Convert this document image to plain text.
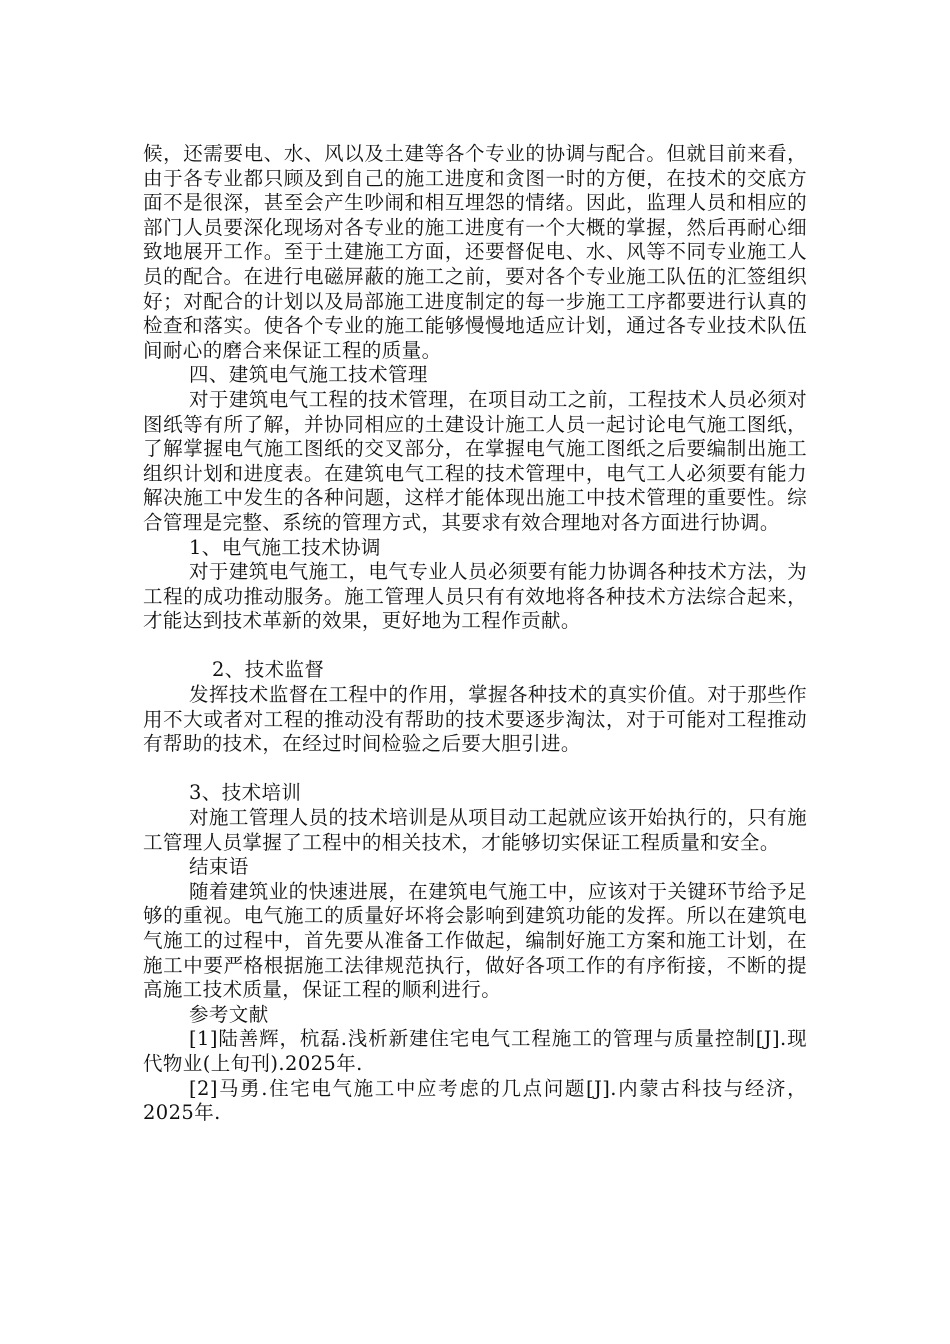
候，还需要电、水、风以及土建等各个专业的协调与配合。但就目前来看，由于各专业都只顾及到自己的施工进度和贪图一时的方便，在技术的交底方面不是很深，甚至会产生吵闹和相互埋怨的情绪。因此，监理人员和相应的部门人员要深化现场对各专业的施工进度有一个大概的掌握，然后再耐心细致地展开工作。至于土建施工方面，还要督促电、水、风等不同专业施工人员的配合。在进行电磁屏蔽的施工之前，要对各个专业施工队伍的汇签组织好；对配合的计划以及局部施工进度制定的每一步施工工序都要进行认真的检查和落实。使各个专业的施工能够慢慢地适应计划，通过各专业技术队伍间耐心的磨合来保证工程的质量。

四、建筑电气施工技术管理

对于建筑电气工程的技术管理，在项目动工之前，工程技术人员必须对图纸等有所了解，并协同相应的土建设计施工人员一起讨论电气施工图纸，了解掌握电气施工图纸的交叉部分，在掌握电气施工图纸之后要编制出施工组织计划和进度表。在建筑电气工程的技术管理中，电气工人必须要有能力解决施工中发生的各种问题，这样才能体现出施工中技术管理的重要性。综合管理是完整、系统的管理方式，其要求有效合理地对各方面进行协调。

1、电气施工技术协调

对于建筑电气施工，电气专业人员必须要有能力协调各种技术方法，为工程的成功推动服务。施工管理人员只有有效地将各种技术方法综合起来，才能达到技术革新的效果，更好地为工程作贡献。

2、技术监督

发挥技术监督在工程中的作用，掌握各种技术的真实价值。对于那些作用不大或者对工程的推动没有帮助的技术要逐步淘汰，对于可能对工程推动有帮助的技术，在经过时间检验之后要大胆引进。

3、技术培训

对施工管理人员的技术培训是从项目动工起就应该开始执行的，只有施工管理人员掌握了工程中的相关技术，才能够切实保证工程质量和安全。

结束语

随着建筑业的快速进展，在建筑电气施工中，应该对于关键环节给予足够的重视。电气施工的质量好坏将会影响到建筑功能的发挥。所以在建筑电气施工的过程中，首先要从准备工作做起，编制好施工方案和施工计划，在施工中要严格根据施工法律规范执行，做好各项工作的有序衔接，不断的提高施工技术质量，保证工程的顺利进行。

参考文献

[1]陆善辉，杭磊.浅析新建住宅电气工程施工的管理与质量控制[J].现代物业(上旬刊).2025年.

[2]马勇.住宅电气施工中应考虑的几点问题[J].内蒙古科技与经济，2025年.
